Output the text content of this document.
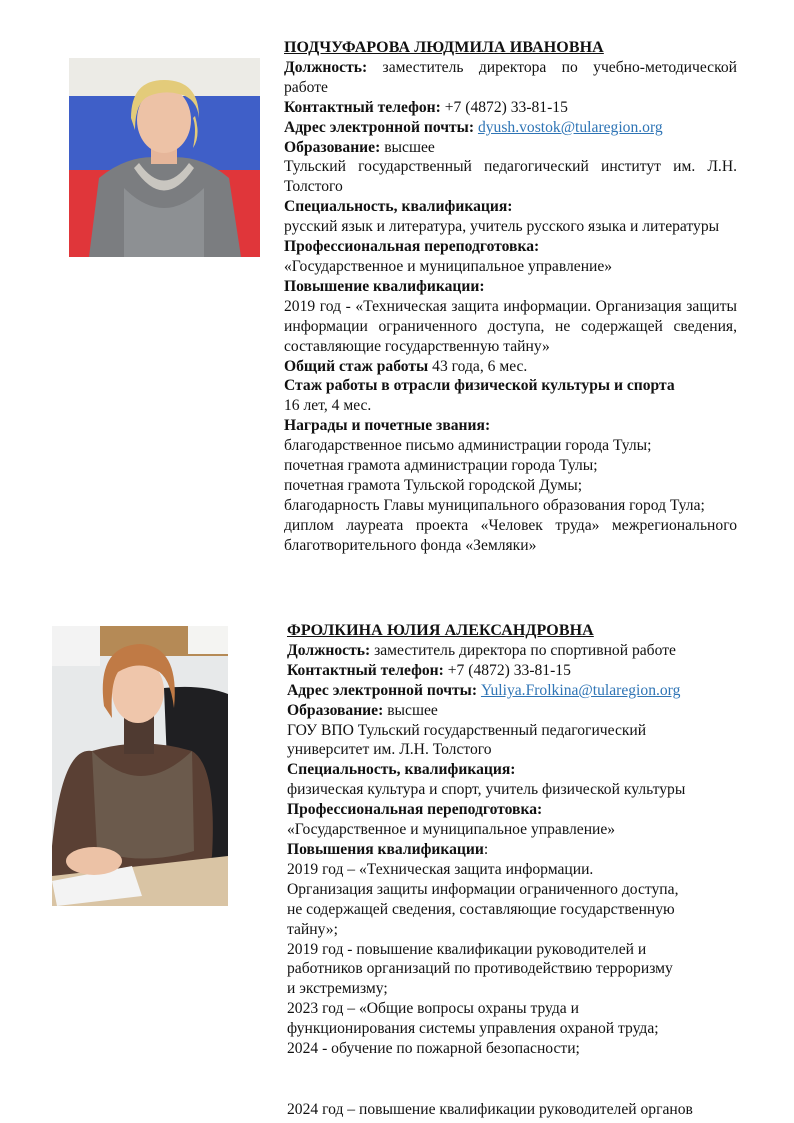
ПОДЧУФАРОВА ЛЮДМИЛА ИВАНОВНА
Должность: заместитель директора по учебно-методической работе
Контактный телефон: +7 (4872) 33-81-15
Адрес электронной почты: dyush.vostok@tularegion.org
Образование: высшее
Тульский государственный педагогический институт им. Л.Н. Толстого
Специальность, квалификация:
русский язык и литература, учитель русского языка и литературы
Профессиональная переподготовка:
«Государственное и муниципальное управление»
Повышение квалификации:
2019 год - «Техническая защита информации. Организация защиты информации ограниченного доступа, не содержащей сведения, составляющие государственную тайну»
Общий стаж работы 43 года, 6 мес.
Стаж работы в отрасли физической культуры и спорта
16 лет, 4 мес.
Награды и почетные звания:
благодарственное письмо администрации города Тулы;
почетная грамота администрации города Тулы;
почетная грамота Тульской городской Думы;
благодарность Главы муниципального образования город Тула;
диплом лауреата проекта «Человек труда» межрегионального благотворительного фонда «Земляки»
ФРОЛКИНА ЮЛИЯ АЛЕКСАНДРОВНА
Должность: заместитель директора по спортивной работе
Контактный телефон: +7 (4872) 33-81-15
Адрес электронной почты: Yuliya.Frolkina@tularegion.org
Образование: высшее
ГОУ ВПО Тульский государственный педагогический
университет им. Л.Н. Толстого
Специальность, квалификация:
физическая культура и спорт, учитель физической культуры
Профессиональная переподготовка:
«Государственное и муниципальное управление»
Повышения квалификации:
2019 год – «Техническая защита информации.
Организация защиты информации ограниченного доступа,
не содержащей сведения, составляющие государственную
тайну»;
2019 год - повышение квалификации руководителей и
работников организаций по противодействию терроризму
и экстремизму;
2023 год – «Общие вопросы охраны труда и
функционирования системы управления охраной труда;
2024 - обучение по пожарной безопасности;
2024 год – повышение квалификации руководителей органов
